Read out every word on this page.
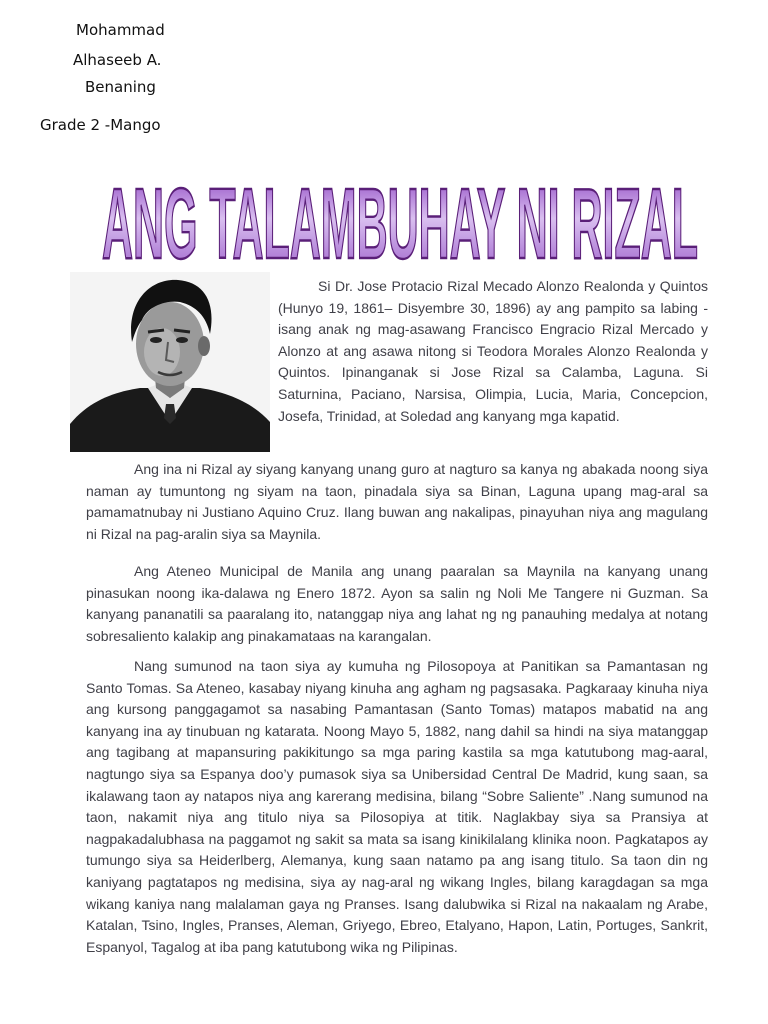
Mohammad
Alhaseeb A.
Benaning
Grade 2 -Mango
ANG TALAMBUHAY NI RIZAL

Si Dr. Jose Protacio Rizal Mecado Alonzo Realonda y Quintos (Hunyo 19, 1861– Disyembre 30, 1896) ay ang pampito sa labing -isang anak ng mag-asawang Francisco Engracio Rizal Mercado y Alonzo at ang asawa nitong si Teodora Morales Alonzo Realonda y Quintos. Ipinanganak si Jose Rizal sa Calamba, Laguna. Si Saturnina, Paciano, Narsisa, Olimpia, Lucia, Maria, Concepcion, Josefa, Trinidad, at Soledad ang kanyang mga kapatid.

Ang ina ni Rizal ay siyang kanyang unang guro at nagturo sa kanya ng abakada noong siya naman ay tumuntong ng siyam na taon, pinadala siya sa Binan, Laguna upang mag-aral sa pamamatnubay ni Justiano Aquino Cruz. Ilang buwan ang nakalipas, pinayuhan niya ang magulang ni Rizal na pag-aralin siya sa Maynila.

Ang Ateneo Municipal de Manila ang unang paaralan sa Maynila na kanyang unang pinasukan noong ika-dalawa ng Enero 1872. Ayon sa salin ng Noli Me Tangere ni Guzman. Sa kanyang pananatili sa paaralang ito, natanggap niya ang lahat ng ng panauhing medalya at notang sobresaliento kalakip ang pinakamataas na karangalan.

Nang sumunod na taon siya ay kumuha ng Pilosopoya at Panitikan sa Pamantasan ng Santo Tomas. Sa Ateneo, kasabay niyang kinuha ang agham ng pagsasaka. Pagkaraay kinuha niya ang kursong panggagamot sa nasabing Pamantasan (Santo Tomas) matapos mabatid na ang kanyang ina ay tinubuan ng katarata. Noong Mayo 5, 1882, nang dahil sa hindi na siya matanggap ang tagibang at mapansuring pakikitungo sa mga paring kastila sa mga katutubong mag-aaral, nagtungo siya sa Espanya doo’y pumasok siya sa Unibersidad Central De Madrid, kung saan, sa ikalawang taon ay natapos niya ang karerang medisina, bilang “Sobre Saliente” .Nang sumunod na taon, nakamit niya ang titulo niya sa Pilosopiya at titik. Naglakbay siya sa Pransiya at nagpakadalubhasa na paggamot ng sakit sa mata sa isang kinikilalang klinika noon. Pagkatapos ay tumungo siya sa Heiderlberg, Alemanya, kung saan natamo pa ang isang titulo. Sa taon din ng kaniyang pagtatapos ng medisina, siya ay nag-aral ng wikang Ingles, bilang karagdagan sa mga wikang kaniya nang malalaman gaya ng Pranses. Isang dalubwika si Rizal na nakaalam ng Arabe, Katalan, Tsino, Ingles, Pranses, Aleman, Griyego, Ebreo, Etalyano, Hapon, Latin, Portuges, Sankrit, Espanyol, Tagalog at iba pang katutubong wika ng Pilipinas.
